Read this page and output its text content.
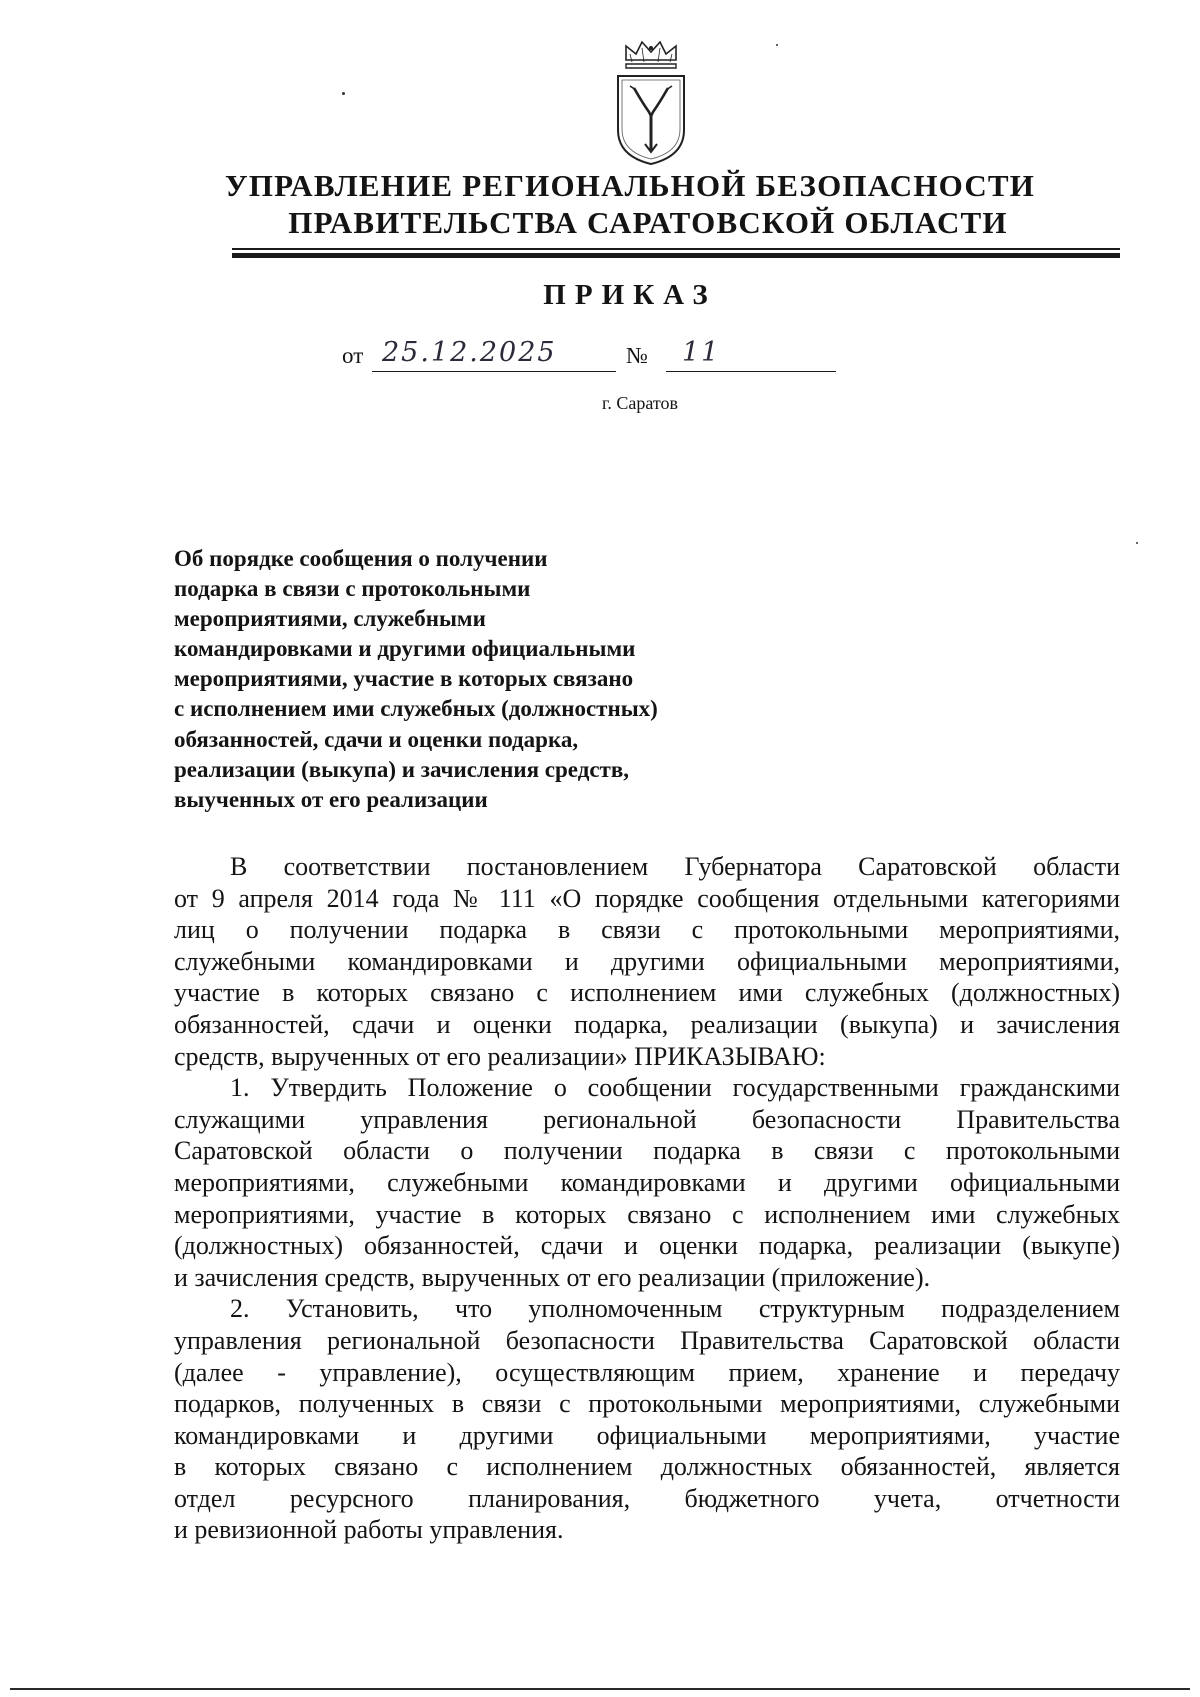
УПРАВЛЕНИЕ РЕГИОНАЛЬНОЙ БЕЗОПАСНОСТИ
ПРАВИТЕЛЬСТВА САРАТОВСКОЙ ОБЛАСТИ
ПРИКАЗ
от 25.12.2025	№ 11
г. Саратов
Об порядке сообщения о получении
подарка в связи с протокольными
мероприятиями, служебными
командировками и другими официальными
мероприятиями, участие в которых связано
с исполнением ими служебных (должностных)
обязанностей, сдачи и оценки подарка,
реализации (выкупа) и зачисления средств,
выученных от его реализации
В соответствии постановлением Губернатора Саратовской области
от 9 апреля 2014 года № 111 «О порядке сообщения отдельными категориями
лиц о получении подарка в связи с протокольными мероприятиями,
служебными командировками и другими официальными мероприятиями,
участие в которых связано с исполнением ими служебных (должностных)
обязанностей, сдачи и оценки подарка, реализации (выкупа) и зачисления
средств, вырученных от его реализации» ПРИКАЗЫВАЮ:
1. Утвердить Положение о сообщении государственными гражданскими
служащими управления региональной безопасности Правительства
Саратовской области о получении подарка в связи с протокольными
мероприятиями, служебными командировками и другими официальными
мероприятиями, участие в которых связано с исполнением ими служебных
(должностных) обязанностей, сдачи и оценки подарка, реализации (выкупе)
и зачисления средств, вырученных от его реализации (приложение).
2. Установить, что уполномоченным структурным подразделением
управления региональной безопасности Правительства Саратовской области
(далее - управление), осуществляющим прием, хранение и передачу
подарков, полученных в связи с протокольными мероприятиями, служебными
командировками и другими официальными мероприятиями, участие
в которых связано с исполнением должностных обязанностей, является
отдел ресурсного планирования, бюджетного учета, отчетности
и ревизионной работы управления.
